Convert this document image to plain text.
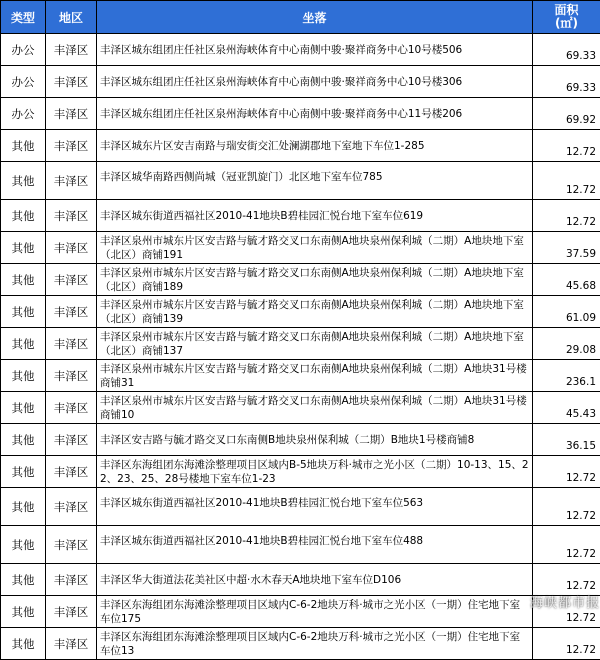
类型	地区	坐落	面积
(㎡)

办公	丰泽区	丰泽区城东组团庄任社区泉州海峡体育中心南侧中骏·聚祥商务中心10号楼506	69.33
办公	丰泽区	丰泽区城东组团庄任社区泉州海峡体育中心南侧中骏·聚祥商务中心10号楼306	69.33
办公	丰泽区	丰泽区城东组团庄任社区泉州海峡体育中心南侧中骏·聚祥商务中心11号楼206	69.92
其他	丰泽区	丰泽区城东片区安吉南路与瑞安街交汇处澜湖郡地下室地下车位1-285	12.72
其他	丰泽区	丰泽区城华南路西侧尚城（冠亚凯旋门）北区地下室车位785	12.72
其他	丰泽区	丰泽区城东街道西福社区2010-41地块B碧桂园汇悦台地下室车位619	12.72
其他	丰泽区	丰泽区泉州市城东片区安吉路与毓才路交叉口东南侧A地块泉州保利城（二期）A地块地下室（北区）商铺191	37.59
其他	丰泽区	丰泽区泉州市城东片区安吉路与毓才路交叉口东南侧A地块泉州保利城（二期）A地块地下室（北区）商铺189	45.68
其他	丰泽区	丰泽区泉州市城东片区安吉路与毓才路交叉口东南侧A地块泉州保利城（二期）A地块地下室（北区）商铺139	61.09
其他	丰泽区	丰泽区泉州市城东片区安吉路与毓才路交叉口东南侧A地块泉州保利城（二期）A地块地下室（北区）商铺137	29.08
其他	丰泽区	丰泽区泉州市城东片区安吉路与毓才路交叉口东南侧A地块泉州保利城（二期）A地块31号楼商铺31	236.1
其他	丰泽区	丰泽区泉州市城东片区安吉路与毓才路交叉口东南侧A地块泉州保利城（二期）A地块31号楼商铺10	45.43
其他	丰泽区	丰泽区安吉路与毓才路交叉口东南侧B地块泉州保利城（二期）B地块1号楼商铺8	36.15
其他	丰泽区	丰泽区东海组团东海滩涂整理项目区域内B-5地块万科·城市之光小区（二期）10-13、15、22、23、25、28号楼地下室车位1-23	12.72
其他	丰泽区	丰泽区城东街道西福社区2010-41地块B碧桂园汇悦台地下室车位563	12.72
其他	丰泽区	丰泽区城东街道西福社区2010-41地块B碧桂园汇悦台地下室车位488	12.72
其他	丰泽区	丰泽区华大街道法花美社区中超·水木春天A地块地下室车位D106	12.72
其他	丰泽区	丰泽区东海组团东海滩涂整理项目区域内C-6-2地块万科·城市之光小区（一期）住宅地下室车位175	12.72
其他	丰泽区	丰泽区东海组团东海滩涂整理项目区域内C-6-2地块万科·城市之光小区（一期）住宅地下室车位13	12.72
海峡都市报
